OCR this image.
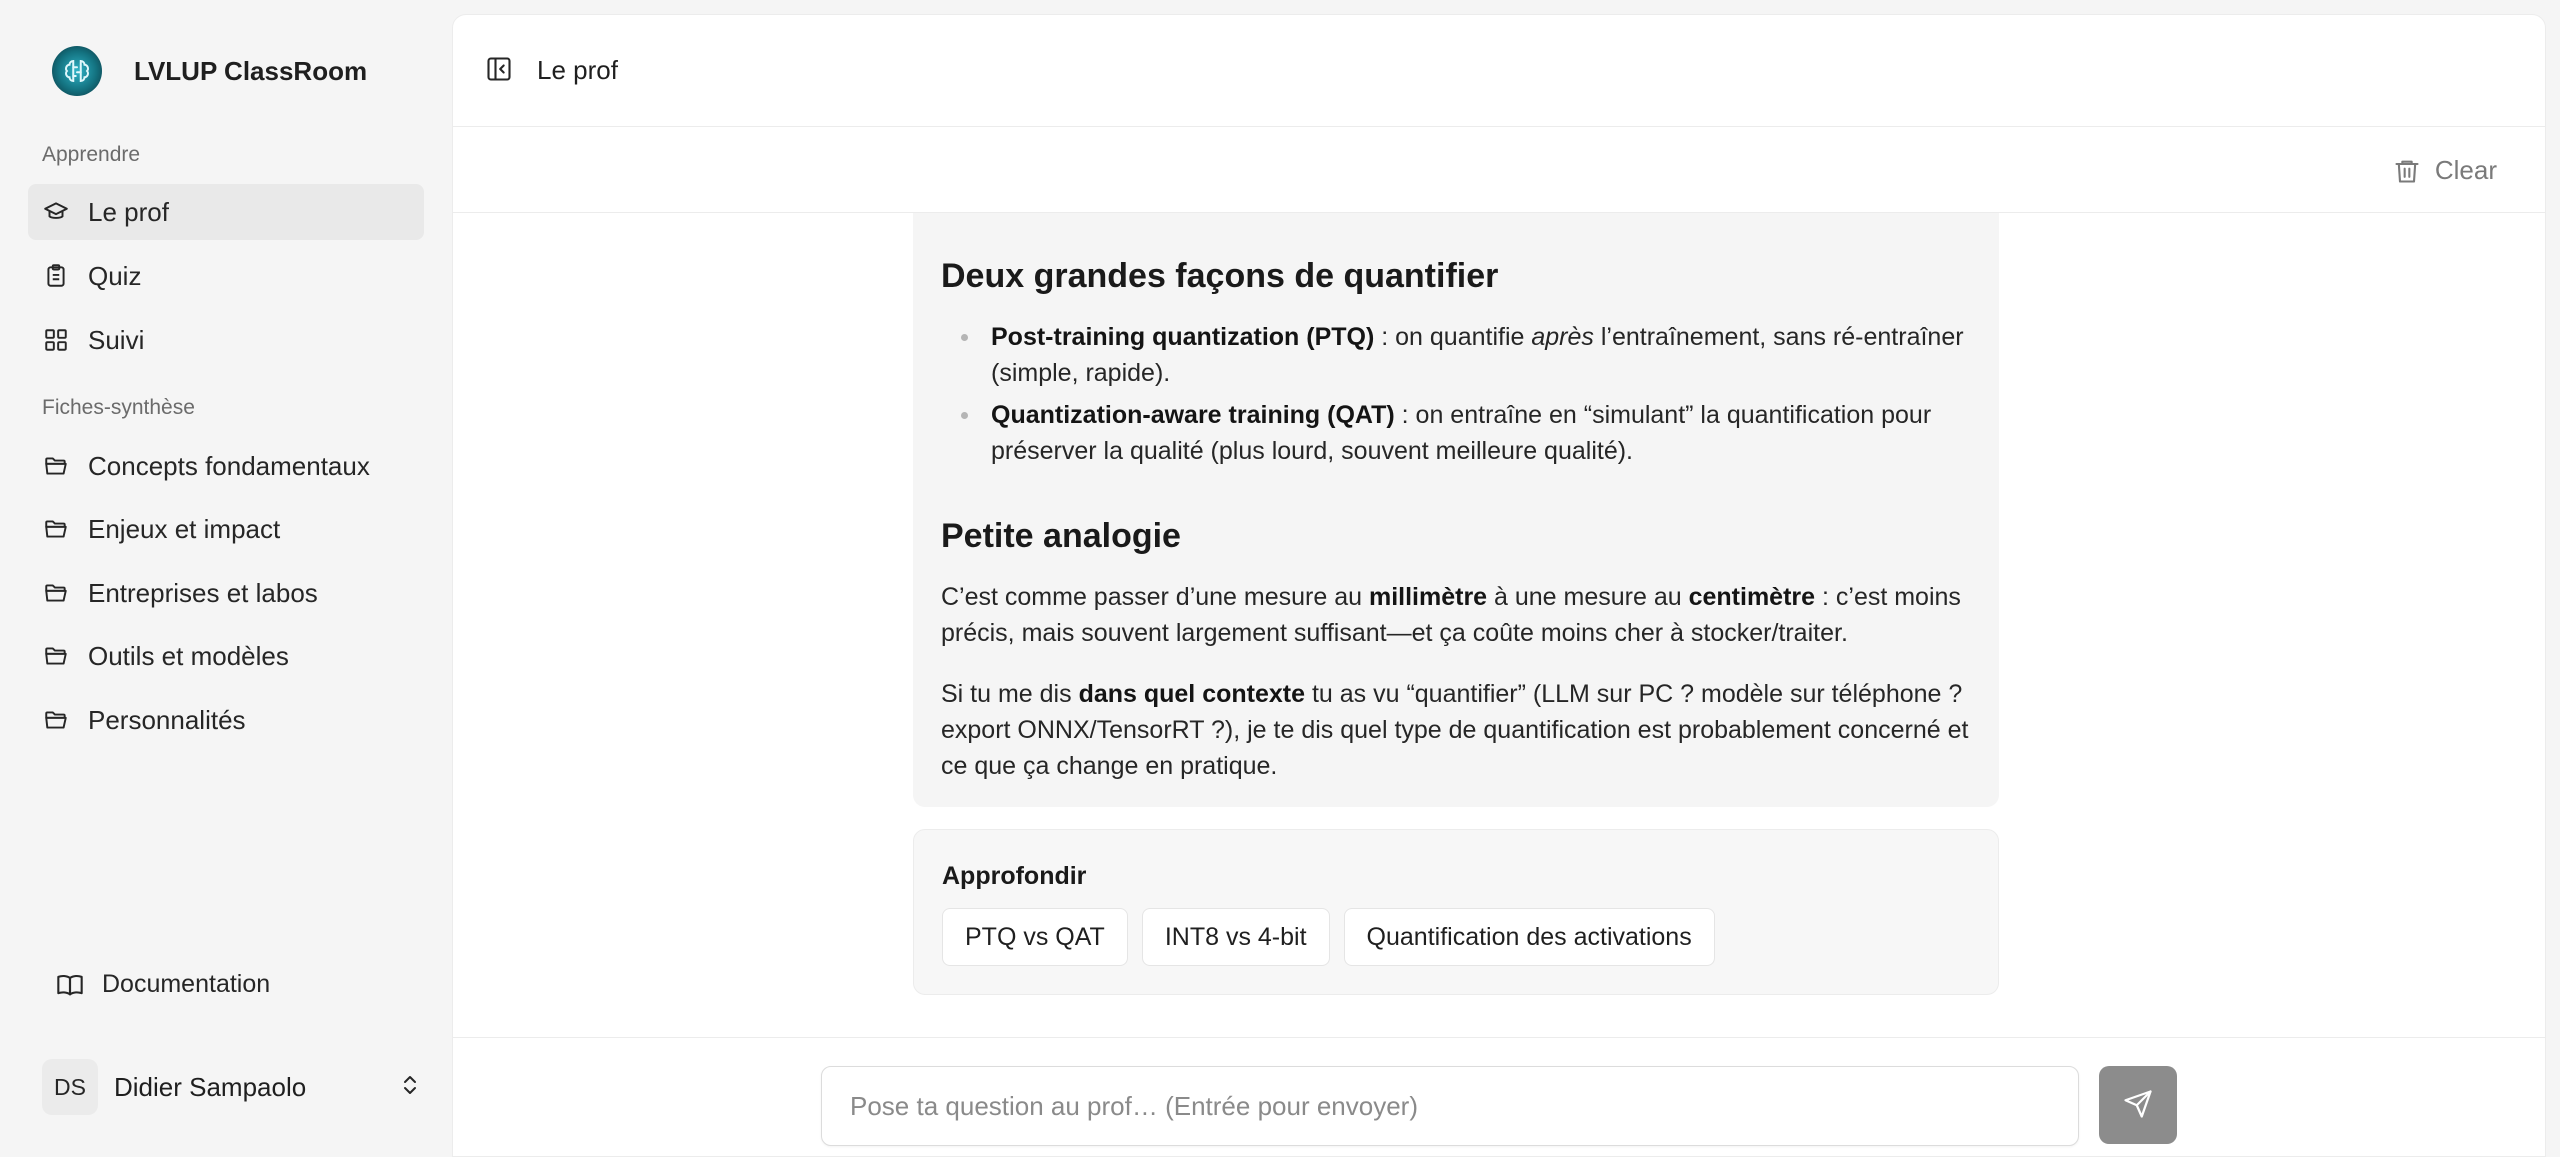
LVLUP ClassRoom
Apprendre
Le prof
Quiz
Suivi
Fiches-synthèse
Concepts fondamentaux
Enjeux et impact
Entreprises et labos
Outils et modèles
Personnalités
Documentation
DS	Didier Sampaolo
Le prof
Clear
Deux grandes façons de quantifier
Post-training quantization (PTQ) : on quantifie après l’entraînement, sans ré-entraîner (simple, rapide).
Quantization-aware training (QAT) : on entraîne en “simulant” la quantification pour préserver la qualité (plus lourd, souvent meilleure qualité).
Petite analogie
C’est comme passer d’une mesure au millimètre à une mesure au centimètre : c’est moins précis, mais souvent largement suffisant—et ça coûte moins cher à stocker/traiter.
Si tu me dis dans quel contexte tu as vu “quantifier” (LLM sur PC ? modèle sur téléphone ? export ONNX/TensorRT ?), je te dis quel type de quantification est probablement concerné et ce que ça change en pratique.
Approfondir
PTQ vs QAT	INT8 vs 4-bit	Quantification des activations
Pose ta question au prof… (Entrée pour envoyer)
